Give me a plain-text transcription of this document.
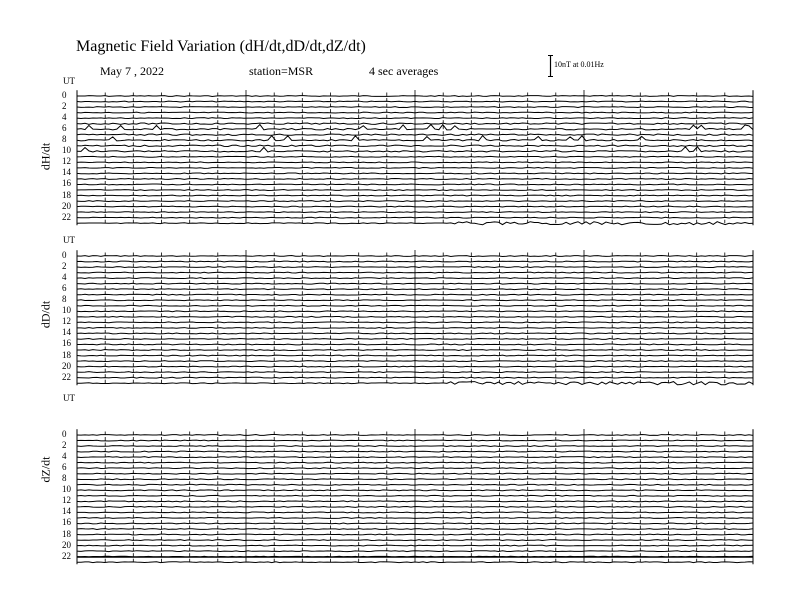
Magnetic Field Variation (dH/dt,dD/dt,dZ/dt)
May 7 , 2022	station=MSR	4 sec averages	10nT at 0.01Hz
UT
dH/dt
0
2
4
6
8
10
12
14
16
18
20
22
UT
dD/dt
0
2
4
6
8
10
12
14
16
18
20
22
UT
dZ/dt
0
2
4
6
8
10
12
14
16
18
20
22
